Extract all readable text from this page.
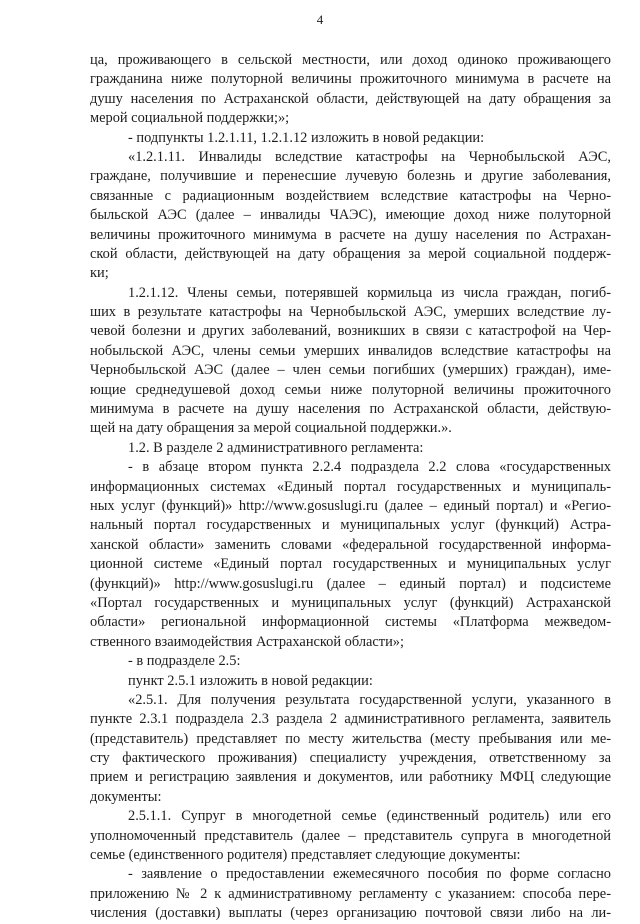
4
ца, проживающего в сельской местности, или доход одиноко проживающего
гражданина ниже полуторной величины прожиточного минимума в расчете на
душу населения по Астраханской области, действующей на дату обращения за
мерой социальной поддержки;»;
- подпункты 1.2.1.11, 1.2.1.12 изложить в новой редакции:
«1.2.1.11. Инвалиды вследствие катастрофы на Чернобыльской АЭС,
граждане, получившие и перенесшие лучевую болезнь и другие заболевания,
связанные с радиационным воздействием вследствие катастрофы на Черно-
быльской АЭС (далее – инвалиды ЧАЭС), имеющие доход ниже полуторной
величины прожиточного минимума в расчете на душу населения по Астрахан-
ской области, действующей на дату обращения за мерой социальной поддерж-
ки;
1.2.1.12. Члены семьи, потерявшей кормильца из числа граждан, погиб-
ших в результате катастрофы на Чернобыльской АЭС, умерших вследствие лу-
чевой болезни и других заболеваний, возникших в связи с катастрофой на Чер-
нобыльской АЭС, члены семьи умерших инвалидов вследствие катастрофы на
Чернобыльской АЭС (далее – член семьи погибших (умерших) граждан), име-
ющие среднедушевой доход семьи ниже полуторной величины прожиточного
минимума в расчете на душу населения по Астраханской области, действую-
щей на дату обращения за мерой социальной поддержки.».
1.2. В разделе 2 административного регламента:
- в абзаце втором пункта 2.2.4 подраздела 2.2 слова «государственных
информационных системах «Единый портал государственных и муниципаль-
ных услуг (функций)» http://www.gosuslugi.ru (далее – единый портал) и «Регио-
нальный портал государственных и муниципальных услуг (функций) Астра-
ханской области» заменить словами «федеральной государственной информа-
ционной системе «Единый портал государственных и муниципальных услуг
(функций)» http://www.gosuslugi.ru (далее – единый портал) и подсистеме
«Портал государственных и муниципальных услуг (функций) Астраханской
области» региональной информационной системы «Платформа межведом-
ственного взаимодействия Астраханской области»;
- в подразделе 2.5:
пункт 2.5.1 изложить в новой редакции:
«2.5.1. Для получения результата государственной услуги, указанного в
пункте 2.3.1 подраздела 2.3 раздела 2 административного регламента, заявитель
(представитель) представляет по месту жительства (месту пребывания или ме-
сту фактического проживания) специалисту учреждения, ответственному за
прием и регистрацию заявления и документов, или работнику МФЦ следующие
документы:
2.5.1.1. Супруг в многодетной семье (единственный родитель) или его
уполномоченный представитель (далее – представитель супруга в многодетной
семье (единственного родителя) представляет следующие документы:
- заявление о предоставлении ежемесячного пособия по форме согласно
приложению № 2 к административному регламенту с указанием: способа пере-
числения (доставки) выплаты (через организацию почтовой связи либо на ли-
